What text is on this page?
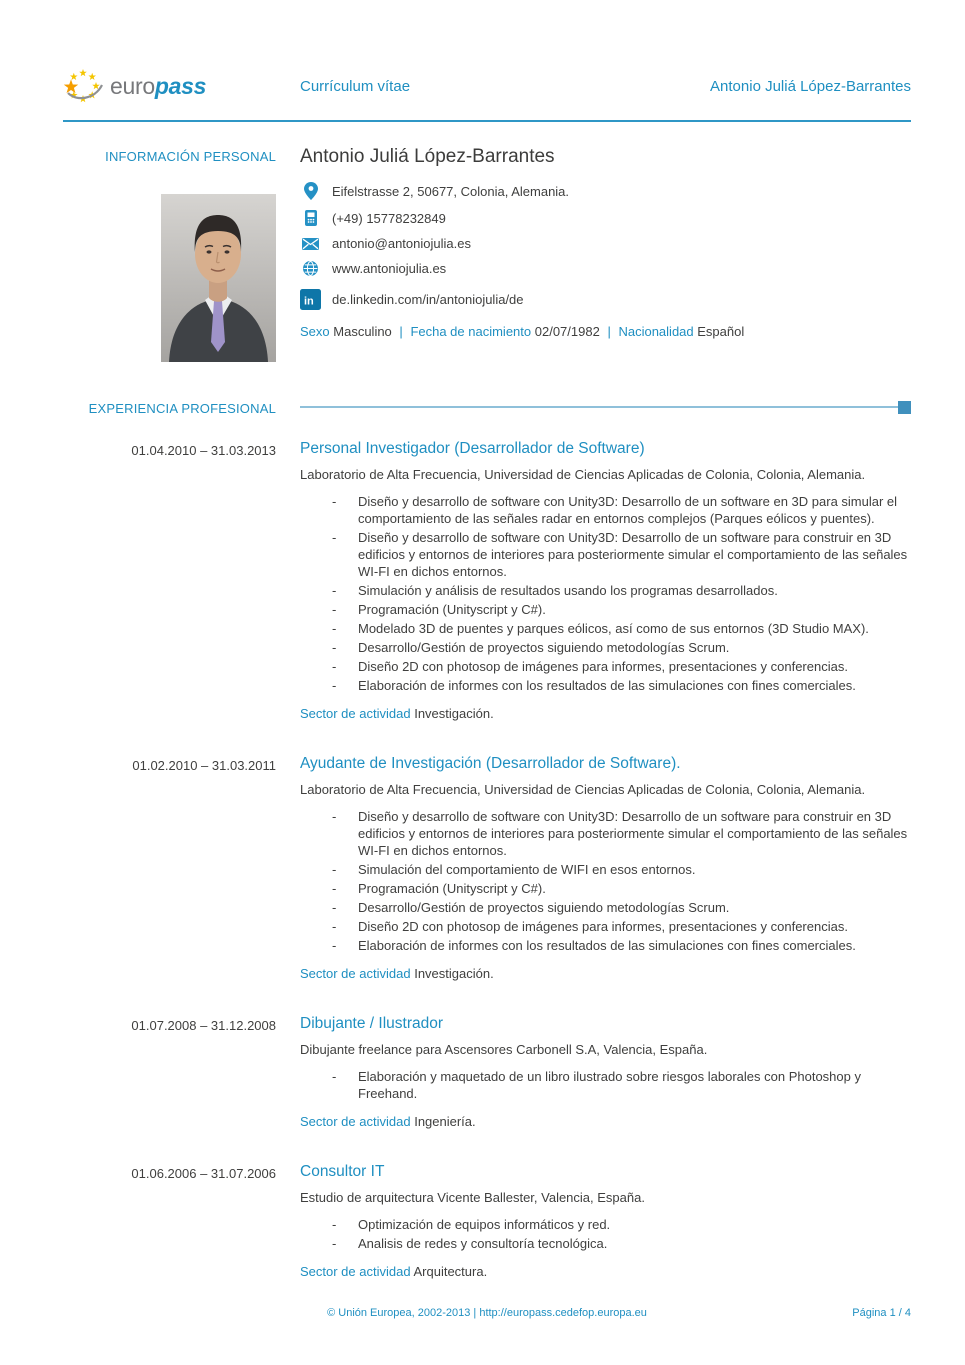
europass	Currículum vítae	Antonio Juliá López-Barrantes
INFORMACIÓN PERSONAL Antonio Juliá López-Barrantes
Eifelstrasse 2, 50677, Colonia, Alemania.
(+49) 15778232849
antonio@antoniojulia.es
www.antoniojulia.es
in de.linkedin.com/in/antoniojulia/de
Sexo Masculino | Fecha de nacimiento 02/07/1982 | Nacionalidad Español
EXPERIENCIA PROFESIONAL
01.04.2010 – 31.03.2013 Personal Investigador (Desarrollador de Software)

Laboratorio de Alta Frecuencia, Universidad de Ciencias Aplicadas de Colonia, Colonia, Alemania.

- Diseño y desarrollo de software con Unity3D: Desarrollo de un software en 3D para simular el comportamiento de las señales radar en entornos complejos (Parques eólicos y puentes).
- Diseño y desarrollo de software con Unity3D: Desarrollo de un software para construir en 3D edificios y entornos de interiores para posteriormente simular el comportamiento de las señales WI-FI en dichos entornos.
- Simulación y análisis de resultados usando los programas desarrollados.
- Programación (Unityscript y C#).
- Modelado 3D de puentes y parques eólicos, así como de sus entornos (3D Studio MAX).
- Desarrollo/Gestión de proyectos siguiendo metodologías Scrum.
- Diseño 2D con photosop de imágenes para informes, presentaciones y conferencias.
- Elaboración de informes con los resultados de las simulaciones con fines comerciales.

Sector de actividad Investigación.

01.02.2010 – 31.03.2011 Ayudante de Investigación (Desarrollador de Software).

Laboratorio de Alta Frecuencia, Universidad de Ciencias Aplicadas de Colonia, Colonia, Alemania.

- Diseño y desarrollo de software con Unity3D: Desarrollo de un software para construir en 3D edificios y entornos de interiores para posteriormente simular el comportamiento de las señales WI-FI en dichos entornos.
- Simulación del comportamiento de WIFI en esos entornos.
- Programación (Unityscript y C#).
- Desarrollo/Gestión de proyectos siguiendo metodologías Scrum.
- Diseño 2D con photosop de imágenes para informes, presentaciones y conferencias.
- Elaboración de informes con los resultados de las simulaciones con fines comerciales.

Sector de actividad Investigación.

01.07.2008 – 31.12.2008 Dibujante / Ilustrador

Dibujante freelance para Ascensores Carbonell S.A, Valencia, España.

- Elaboración y maquetado de un libro ilustrado sobre riesgos laborales con Photoshop y Freehand.

Sector de actividad Ingeniería.

01.06.2006 – 31.07.2006 Consultor IT

Estudio de arquitectura Vicente Ballester, Valencia, España.

- Optimización de equipos informáticos y red.
- Analisis de redes y consultoría tecnológica.

Sector de actividad Arquitectura.

© Unión Europea, 2002-2013 | http://europass.cedefop.europa.eu	Página 1 / 4
